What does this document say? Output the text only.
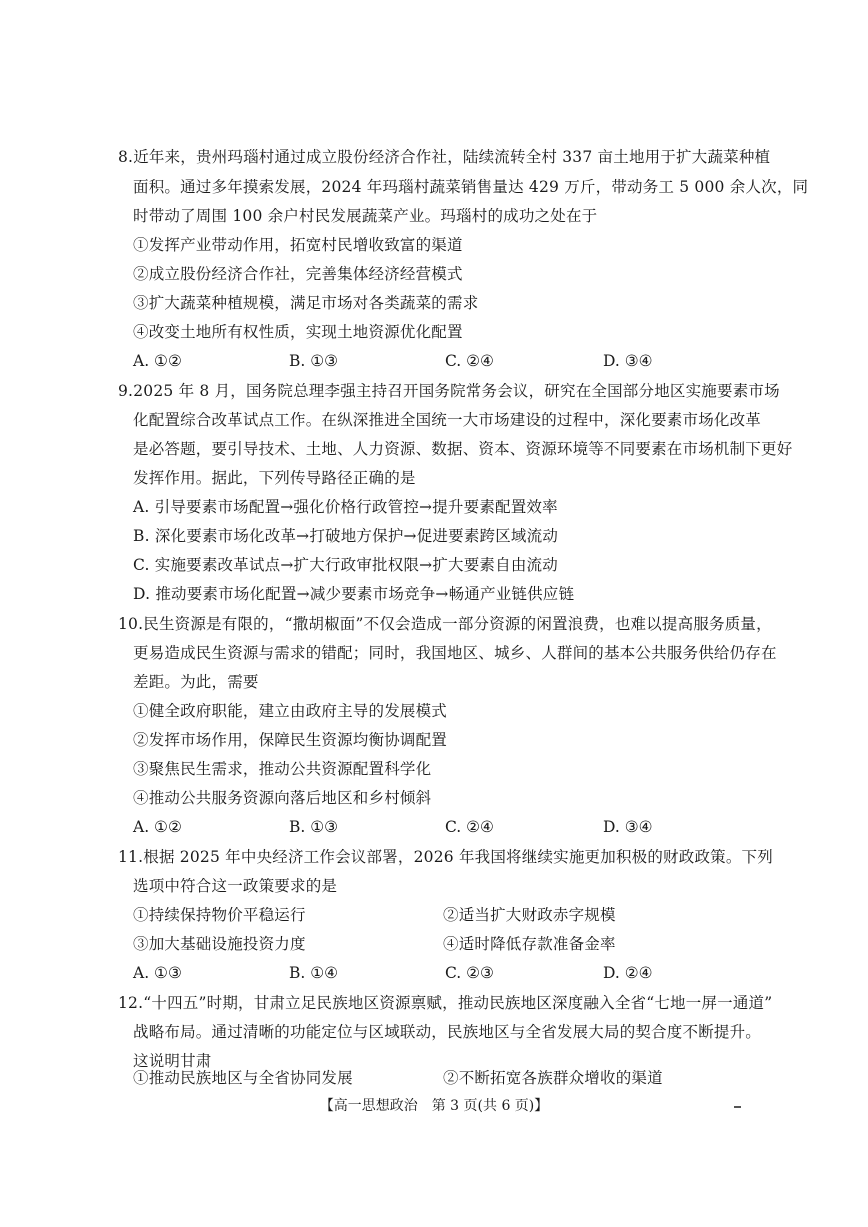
8.近年来，贵州玛瑙村通过成立股份经济合作社，陆续流转全村 337 亩土地用于扩大蔬菜种植
面积。通过多年摸索发展，2024 年玛瑙村蔬菜销售量达 429 万斤，带动务工 5 000 余人次，同
时带动了周围 100 余户村民发展蔬菜产业。玛瑙村的成功之处在于
①发挥产业带动作用，拓宽村民增收致富的渠道
②成立股份经济合作社，完善集体经济经营模式
③扩大蔬菜种植规模，满足市场对各类蔬菜的需求
④改变土地所有权性质，实现土地资源优化配置
A. ①②	B. ①③	C. ②④	D. ③④
9.2025 年 8 月，国务院总理李强主持召开国务院常务会议，研究在全国部分地区实施要素市场
化配置综合改革试点工作。在纵深推进全国统一大市场建设的过程中，深化要素市场化改革
是必答题，要引导技术、土地、人力资源、数据、资本、资源环境等不同要素在市场机制下更好
发挥作用。据此，下列传导路径正确的是
A. 引导要素市场配置→强化价格行政管控→提升要素配置效率
B. 深化要素市场化改革→打破地方保护→促进要素跨区域流动
C. 实施要素改革试点→扩大行政审批权限→扩大要素自由流动
D. 推动要素市场化配置→减少要素市场竞争→畅通产业链供应链
10.民生资源是有限的，“撒胡椒面”不仅会造成一部分资源的闲置浪费，也难以提高服务质量，
更易造成民生资源与需求的错配；同时，我国地区、城乡、人群间的基本公共服务供给仍存在
差距。为此，需要
①健全政府职能，建立由政府主导的发展模式
②发挥市场作用，保障民生资源均衡协调配置
③聚焦民生需求，推动公共资源配置科学化
④推动公共服务资源向落后地区和乡村倾斜
A. ①②	B. ①③	C. ②④	D. ③④
11.根据 2025 年中央经济工作会议部署，2026 年我国将继续实施更加积极的财政政策。下列
选项中符合这一政策要求的是
①持续保持物价平稳运行	②适当扩大财政赤字规模
③加大基础设施投资力度	④适时降低存款准备金率
A. ①③	B. ①④	C. ②③	D. ②④
12.“十四五”时期，甘肃立足民族地区资源禀赋，推动民族地区深度融入全省“七地一屏一通道”
战略布局。通过清晰的功能定位与区域联动，民族地区与全省发展大局的契合度不断提升。
这说明甘肃
①推动民族地区与全省协同发展	②不断拓宽各族群众增收的渠道
【高一思想政治　第 3 页(共 6 页)】
